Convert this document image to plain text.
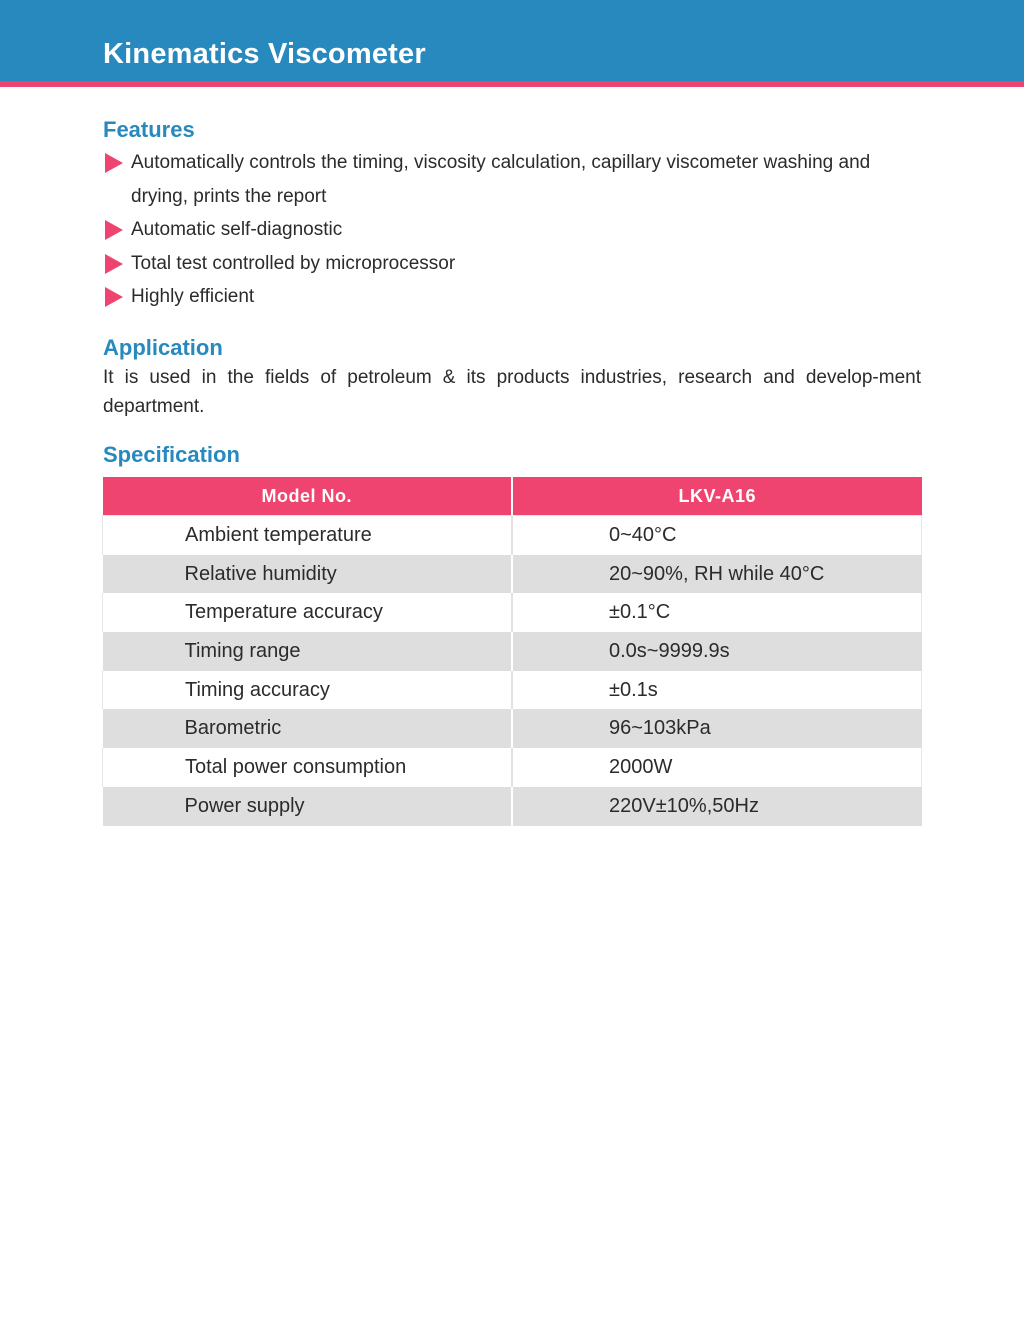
Kinematics Viscometer
Features
Automatically controls the timing, viscosity calculation, capillary viscometer washing and drying, prints the report
Automatic self-diagnostic
Total test controlled by microprocessor
Highly efficient
Application

It is used in the fields of petroleum & its products industries, research and develop-ment department.

Specification
Model No.	LKV-A16
Ambient temperature	0~40°C
Relative humidity	20~90%, RH while 40°C
Temperature accuracy	±0.1°C
Timing range	0.0s~9999.9s
Timing accuracy	±0.1s
Barometric	96~103kPa
Total power consumption	2000W
Power supply	220V±10%,50Hz
